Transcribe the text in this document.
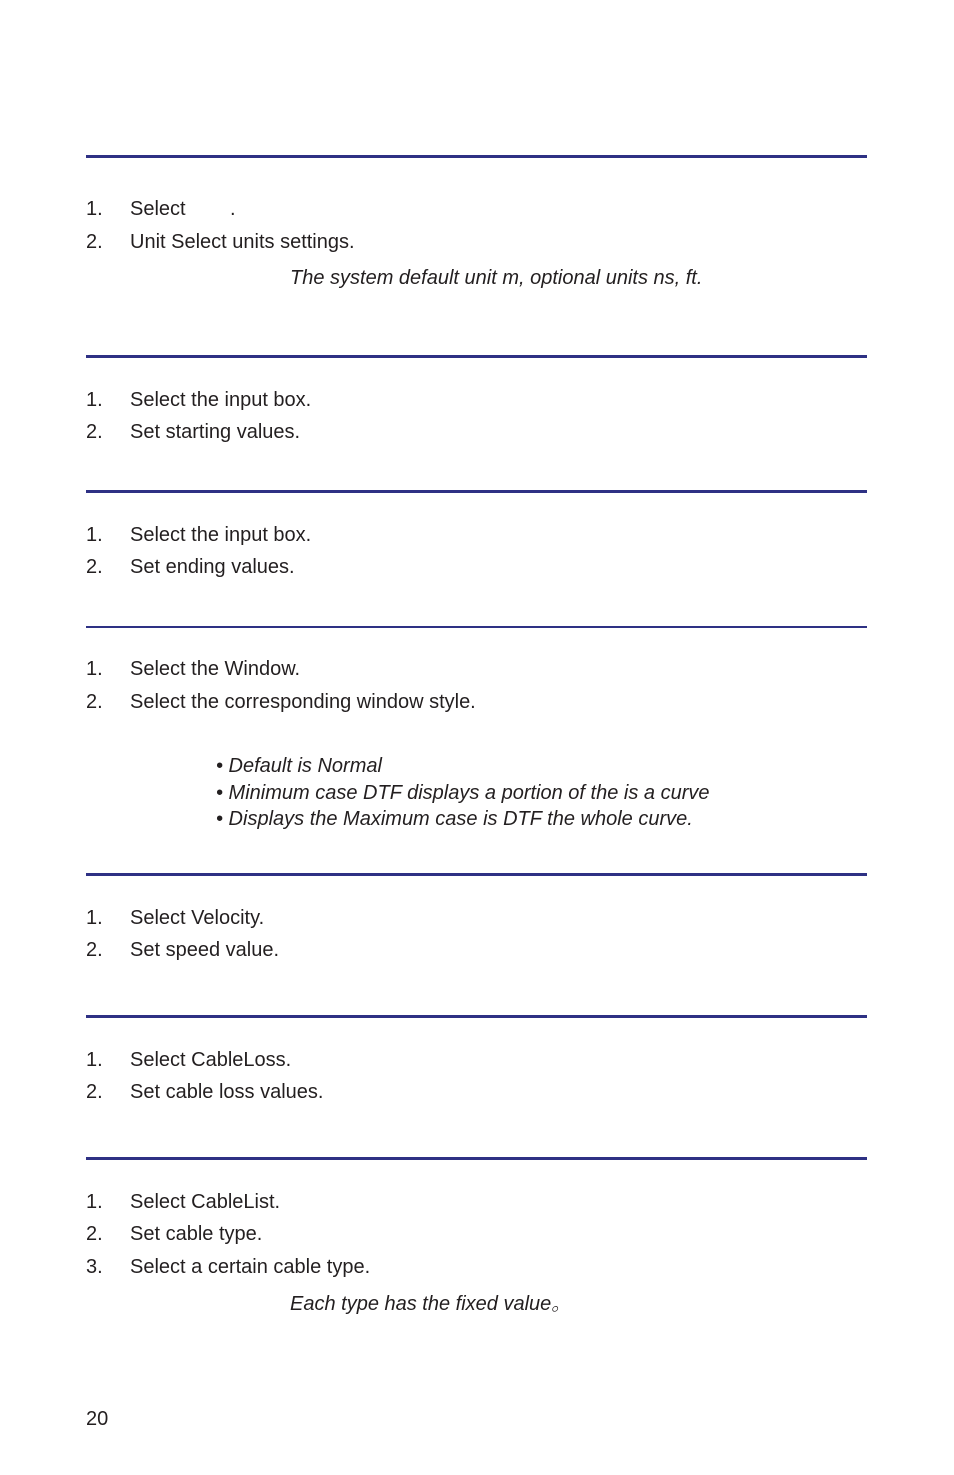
1. Select        .
2. Unit Select units settings.
The system default unit m, optional units ns, ft.
1. Select the input box.
2. Set starting values.
1. Select the input box.
2. Set ending values.
1. Select the Window.
2. Select the corresponding window style.
• Default is Normal
• Minimum case DTF displays a portion of the is a curve
• Displays the Maximum case is DTF the whole curve.
1. Select Velocity.
2. Set speed value.
1. Select CableLoss.
2. Set cable loss values.
1. Select CableList.
2. Set cable type.
3. Select a certain cable type.
Each type has the fixed value。
20
